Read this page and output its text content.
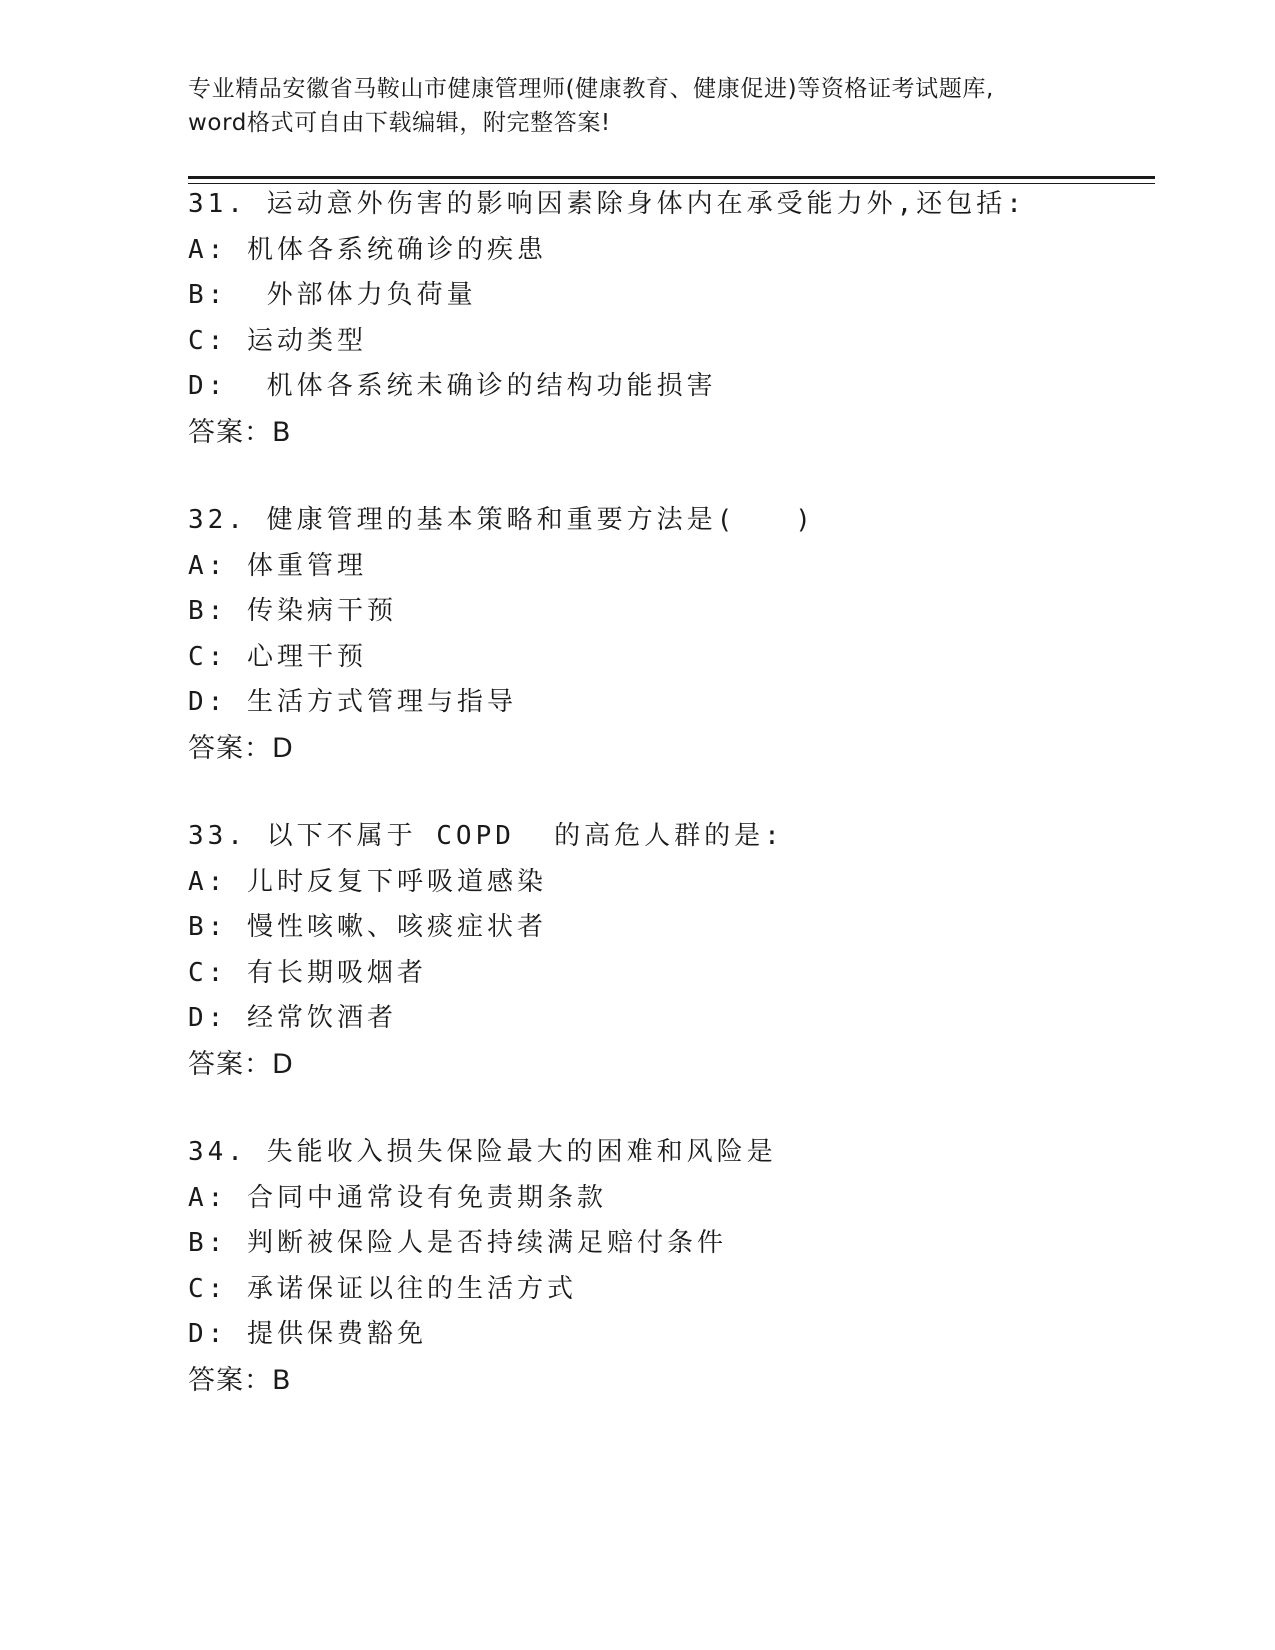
专业精品安徽省马鞍山市健康管理师(健康教育、健康促进)等资格证考试题库,
word格式可自由下载编辑，附完整答案!
31. 运动意外伤害的影响因素除身体内在承受能力外,还包括:
A: 机体各系统确诊的疾患
B:  外部体力负荷量
C: 运动类型
D:  机体各系统未确诊的结构功能损害
答案：B
32. 健康管理的基本策略和重要方法是(   )
A: 体重管理
B: 传染病干预
C: 心理干预
D: 生活方式管理与指导
答案：D
33. 以下不属于 COPD  的高危人群的是:
A: 儿时反复下呼吸道感染
B: 慢性咳嗽、咳痰症状者
C: 有长期吸烟者
D: 经常饮酒者
答案：D
34. 失能收入损失保险最大的困难和风险是
A: 合同中通常设有免责期条款
B: 判断被保险人是否持续满足赔付条件
C: 承诺保证以往的生活方式
D: 提供保费豁免
答案：B
